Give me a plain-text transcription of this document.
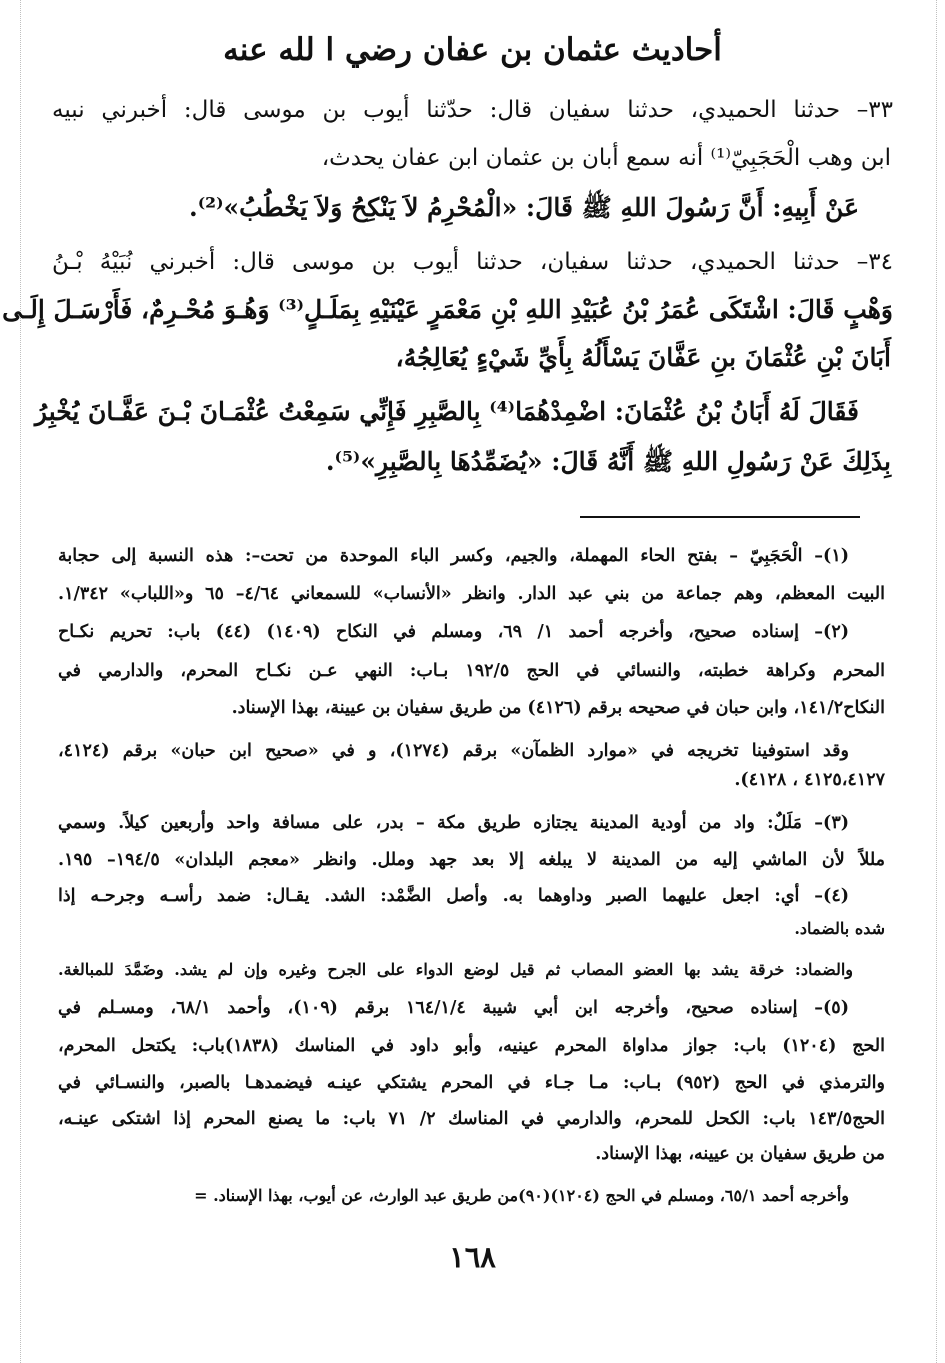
أحاديث عثمان بن عفان رضي ا لله عنه
٣٣– حدثنا الحميدي، حدثنا سفيان قال: حدّثنا أيوب بن موسى قال: أخبرني نبيه
ابن وهب الْحَجَبِيّ⁽¹⁾ أنه سمع أبان بن عثمان ابن عفان يحدث،
عَنْ أَبِيهِ: أَنَّ رَسُولَ اللهِ ﷺ قَالَ: «الْمُحْرِمُ لاَ يَنْكِحُ وَلاَ يَخْطُبُ»⁽²⁾.
٣٤– حدثنا الحميدي، حدثنا سفيان، حدثنا أيوب بن موسى قال: أخبرني نُبَيْهُ بْـنُ
وَهْبٍ قَالَ: اشْتَكَى عُمَرُ بْنُ عُبَيْدِ اللهِ بْنِ مَعْمَرٍ عَيْنَيْهِ بِمَلَـلٍ⁽³⁾ وَهُـوَ مُحْـرِمٌ، فَأَرْسَـلَ إِلَـى
أَبَانَ بْنِ عُثْمَانَ بنِ عَفَّانَ يَسْأَلُهُ بِأَيِّ شَيْءٍ يُعَالِجُهُ،
فَقَالَ لَهُ أَبَانُ بْنُ عُثْمَانَ: اضْمِدْهُمَا⁽⁴⁾ بِالصَّبِرِ فَإِنِّي سَمِعْتُ عُثْمَـانَ بْـنَ عَفَّـانَ يُخْبِرُ
بِذَلِكَ عَنْ رَسُولِ اللهِ ﷺ أَنَّهُ قَالَ: «يُضَمِّدُهَا بِالصَّبِرِ»⁽⁵⁾.
(١)– الْحَجَبِيّ – بفتح الحاء المهملة، والجيم، وكسر الباء الموحدة من تحت–: هذه النسبة إلى حجابة
البيت المعظم، وهم جماعة من بني عبد الدار. وانظر «الأنساب» للسمعاني ٤/٦٤– ٦٥ و«اللباب» ١/٣٤٢.
(٢)– إسناده صحيح، وأخرجه أحمد ١/ ٦٩، ومسلم في النكاح (١٤٠٩) (٤٤) باب: تحريم نكـاح
المحرم وكراهة خطبته، والنسائي في الحج ١٩٢/٥ بـاب: النهي عـن نكـاح المحرم، والدارمي في
النكاح١٤١/٢، وابن حبان في صحيحه برقم (٤١٢٦) من طريق سفيان بن عيينة، بهذا الإسناد.
وقد استوفينا تخريجه في «موارد الظمآن» برقم (١٢٧٤)، و في «صحيح ابن حبان» برقم (٤١٢٤،
٤١٢٥،٤١٢٧ ، ٤١٢٨).
(٣)– مَلَلٌ: واد من أودية المدينة يجتازه طريق مكة – بدر، على مسافة واحد وأربعين كيلاً. وسمي
مللاً لأن الماشي إليه من المدينة لا يبلغه إلا بعد جهد وملل. وانظر «معجم البلدان» ١٩٤/٥– ١٩٥.
(٤)– أي: اجعل عليهما الصبر وداوهما به. وأصل الضَّمْد: الشد. يقـال: ضمد رأسـه وجرحـه إذا
شده بالضماد.
والضماد: خرقة يشد بها العضو المصاب ثم قيل لوضع الدواء على الجرح وغيره وإن لم يشد. وضَمَّدَ للمبالغة.
(٥)– إسناده صحيح، وأخرجه ابن أبي شيبة ١٦٤/١/٤ برقم (١٠٩)، وأحمد ٦٨/١، ومسـلم في
الحج (١٢٠٤) باب: جواز مداواة المحرم عينيه، وأبو داود في المناسك (١٨٣٨)باب: يكتحل المحرم،
والترمذي في الحج (٩٥٢) بـاب: مـا جـاء في المحرم يشتكي عينـه فيضمدهـا بالصبر، والنسـائي في
الحج١٤٣/٥ باب: الكحل للمحرم، والدارمي في المناسك ٢/ ٧١ باب: ما يصنع المحرم إذا اشتكى عينـه،
من طريق سفيان بن عيينه، بهذا الإسناد.
وأخرجه أحمد ٦٥/١، ومسلم في الحج (١٢٠٤)(٩٠)من طريق عبد الوارث، عن أيوب، بهذا الإسناد. =
١٦٨
